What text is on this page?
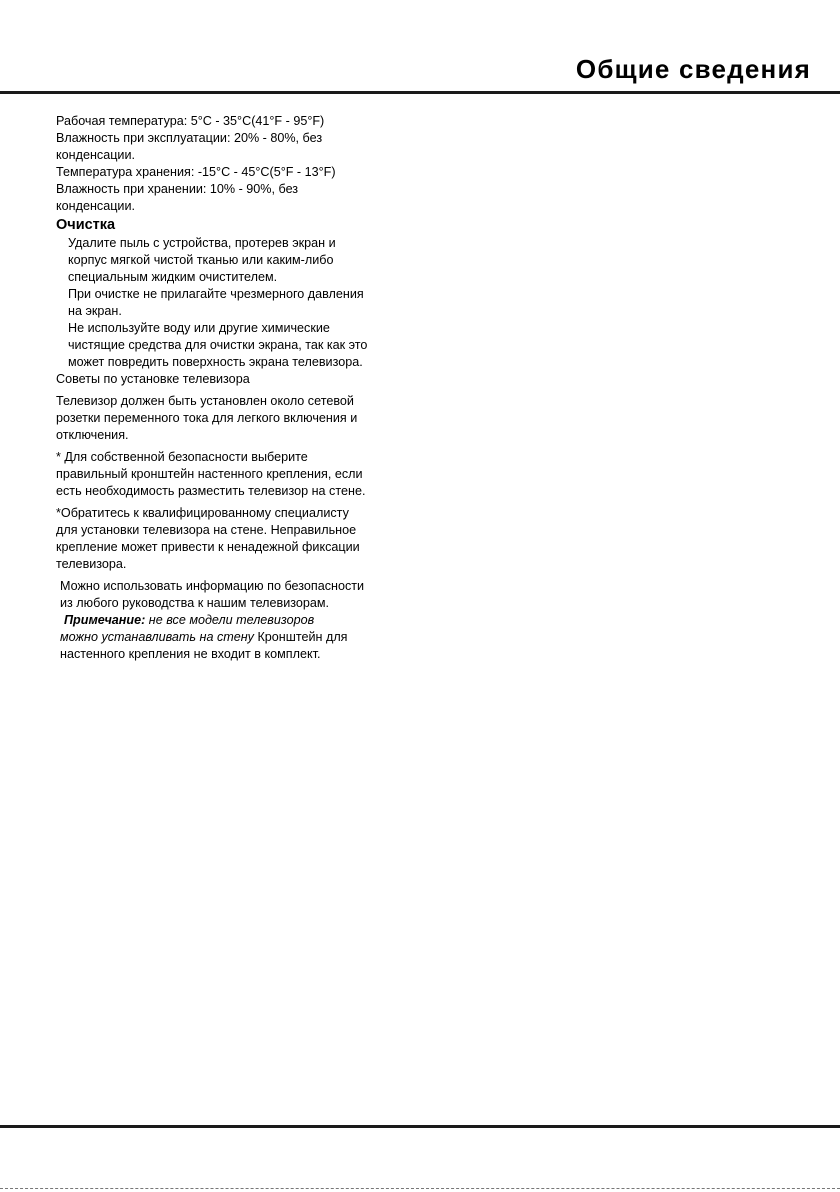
Общие сведения

Рабочая температура: 5°C - 35°C(41°F - 95°F)
Влажность при эксплуатации: 20% - 80%, без
конденсации.
Температура хранения: -15°C - 45°C(5°F - 13°F)
Влажность при хранении: 10% - 90%, без
конденсации.

Очистка

Удалите пыль с устройства, протерев экран и
корпус мягкой чистой тканью или каким-либо
специальным жидким очистителем.
При очистке не прилагайте чрезмерного давления
на экран.
Не используйте воду или другие химические
чистящие средства для очистки экрана, так как это
может повредить поверхность экрана телевизора.

Советы по установке телевизора

Телевизор должен быть установлен около сетевой
розетки переменного тока для легкого включения и
отключения.

* Для собственной безопасности выберите
правильный кронштейн настенного крепления, если
есть необходимость разместить телевизор на стене.

*Обратитесь к квалифицированному специалисту
для установки телевизора на стене. Неправильное
крепление может привести к ненадежной фиксации
телевизора.

Можно использовать информацию по безопасности
из любого руководства к нашим телевизорам.
Примечание: не все модели телевизоров
можно устанавливать на стену Кронштейн для
настенного крепления не входит в комплект.
